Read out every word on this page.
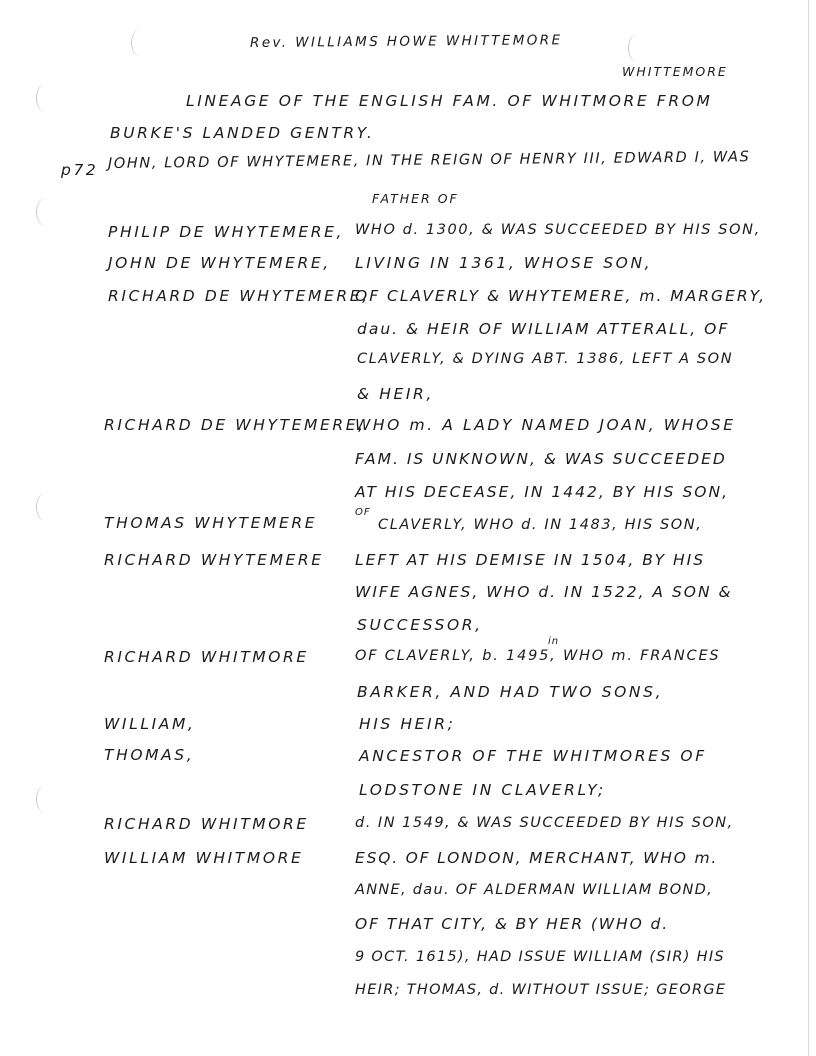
Rev. WILLIAMS HOWE WHITTEMORE
WHITTEMORE
LINEAGE OF THE ENGLISH FAM. OF WHITMORE FROM
BURKE'S LANDED GENTRY.
p72 JOHN, LORD OF WHYTEMERE, IN THE REIGN OF HENRY III, EDWARD I, WAS
FATHER OF
PHILIP DE WHYTEMERE,
JOHN DE WHYTEMERE,
RICHARD DE WHYTEMERE,
RICHARD DE WHYTEMERE,
THOMAS WHYTEMERE
RICHARD WHYTEMERE
RICHARD WHITMORE
WILLIAM,
THOMAS,
RICHARD WHITMORE
WILLIAM WHITMORE
WHO d. 1300, & WAS SUCCEEDED BY HIS SON,
LIVING IN 1361, WHOSE SON,
OF CLAVERLY & WHYTEMERE, m. MARGERY,
dau. & HEIR OF WILLIAM ATTERALL, OF
CLAVERLY, & DYING ABT. 1386, LEFT A SON
& HEIR,
WHO m. A LADY NAMED JOAN, WHOSE
FAM. IS UNKNOWN, & WAS SUCCEEDED
AT HIS DECEASE, IN 1442, BY HIS SON,
OF
CLAVERLY, WHO d. IN 1483, HIS SON,
LEFT AT HIS DEMISE IN 1504, BY HIS
WIFE AGNES, WHO d. IN 1522, A SON &
SUCCESSOR,
in
OF CLAVERLY, b. 1495, WHO m. FRANCES
BARKER, AND HAD TWO SONS,
HIS HEIR;
ANCESTOR OF THE WHITMORES OF
LODSTONE IN CLAVERLY;
d. IN 1549, & WAS SUCCEEDED BY HIS SON,
ESQ. OF LONDON, MERCHANT, WHO m.
ANNE, dau. OF ALDERMAN WILLIAM BOND,
OF THAT CITY, & BY HER (WHO d.
9 OCT. 1615), HAD ISSUE WILLIAM (SIR) HIS
HEIR; THOMAS, d. WITHOUT ISSUE; GEORGE
